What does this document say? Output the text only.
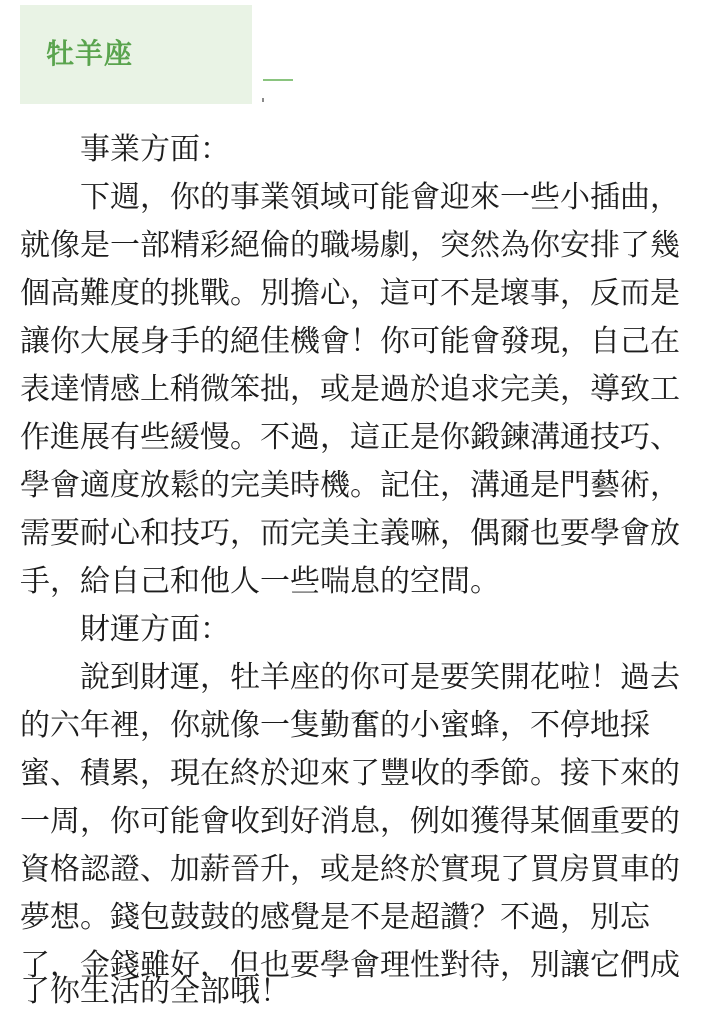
牡羊座
事業方面：
下週，你的事業領域可能會迎來一些小插曲，
就像是一部精彩絕倫的職場劇，突然為你安排了幾
個高難度的挑戰。別擔心，這可不是壞事，反而是
讓你大展身手的絕佳機會！你可能會發現，自己在
表達情感上稍微笨拙，或是過於追求完美，導致工
作進展有些緩慢。不過，這正是你鍛鍊溝通技巧、
學會適度放鬆的完美時機。記住，溝通是門藝術，
需要耐心和技巧，而完美主義嘛，偶爾也要學會放
手，給自己和他人一些喘息的空間。
財運方面：
說到財運，牡羊座的你可是要笑開花啦！過去
的六年裡，你就像一隻勤奮的小蜜蜂，不停地採
蜜、積累，現在終於迎來了豐收的季節。接下來的
一周，你可能會收到好消息，例如獲得某個重要的
資格認證、加薪晉升，或是終於實現了買房買車的
夢想。錢包鼓鼓的感覺是不是超讚？不過，別忘
了，金錢雖好，但也要學會理性對待，別讓它們成
了你生活的全部哦！
